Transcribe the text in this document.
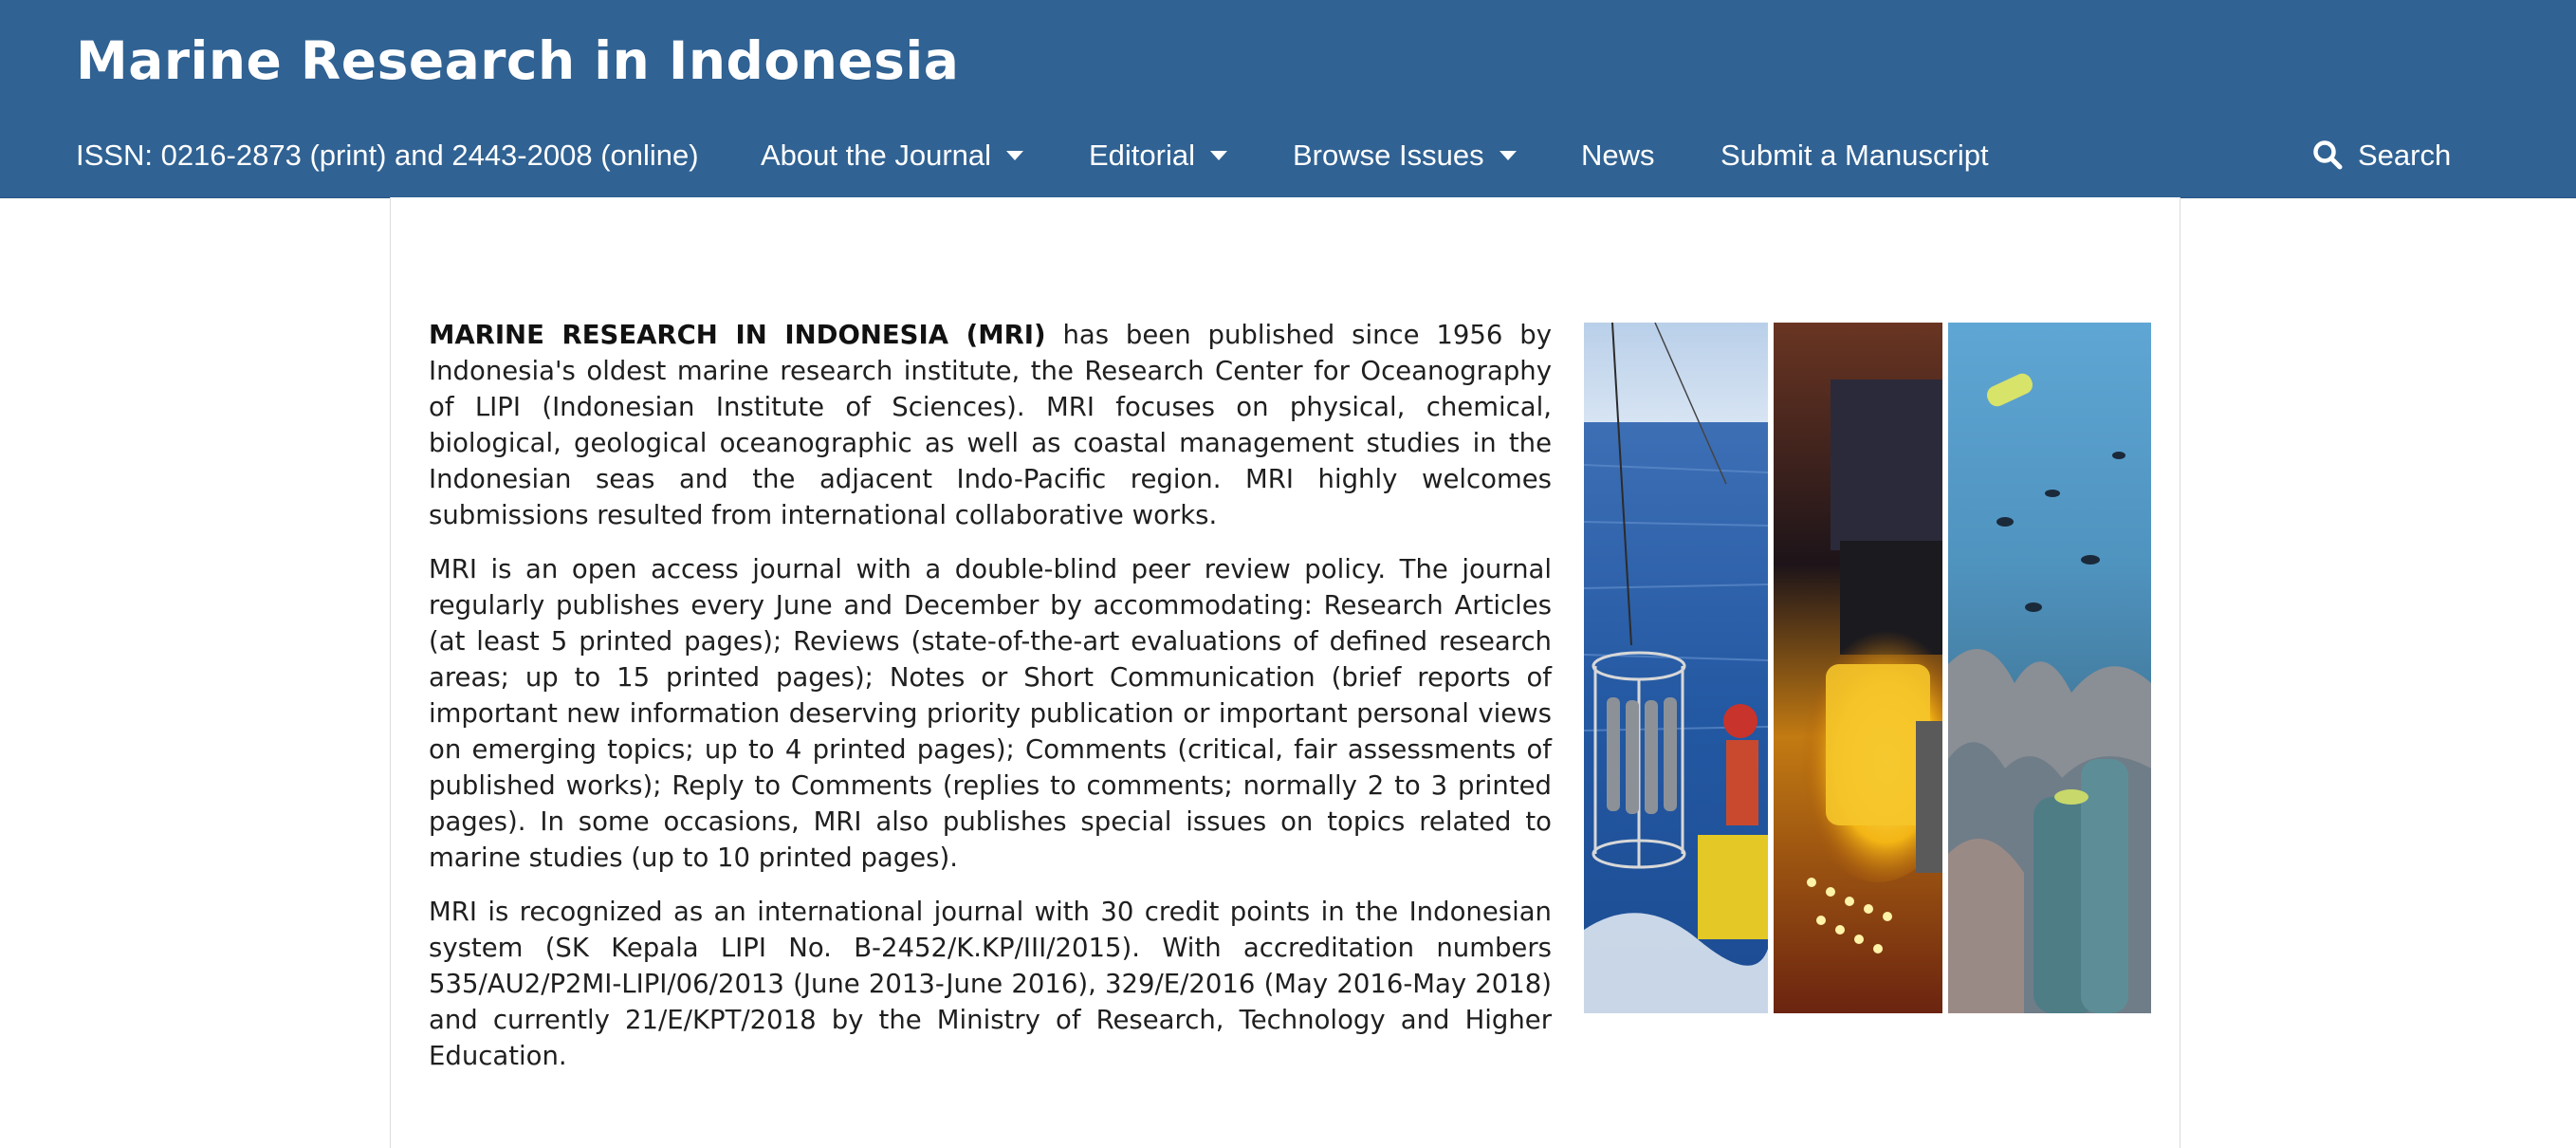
Marine Research in Indonesia
ISSN: 0216-2873 (print) and 2443-2008 (online) About the Journal	Editorial	Browse Issues	News Submit a Manuscript	Search

MARINE RESEARCH IN INDONESIA (MRI) has been published since 1956 by Indonesia's oldest marine research institute, the Research Center for Oceanography of LIPI (Indonesian Institute of Sciences). MRI focuses on physical, chemical, biological, geological oceanographic as well as coastal management studies in the Indonesian seas and the adjacent Indo-Pacific region. MRI highly welcomes submissions resulted from international collaborative works.

MRI is an open access journal with a double-blind peer review policy. The journal regularly publishes every June and December by accommodating: Research Articles (at least 5 printed pages); Reviews (state-of-the-art evaluations of defined research areas; up to 15 printed pages); Notes or Short Communication (brief reports of important new information deserving priority publication or important personal views on emerging topics; up to 4 printed pages); Comments (critical, fair assessments of published works); Reply to Comments (replies to comments; normally 2 to 3 printed pages). In some occasions, MRI also publishes special issues on topics related to marine studies (up to 10 printed pages).

MRI is recognized as an international journal with 30 credit points in the Indonesian system (SK Kepala LIPI No. B-2452/K.KP/III/2015). With accreditation numbers 535/AU2/P2MI-LIPI/06/2013 (June 2013-June 2016), 329/E/2016 (May 2016-May 2018) and currently 21/E/KPT/2018 by the Ministry of Research, Technology and Higher Education.
